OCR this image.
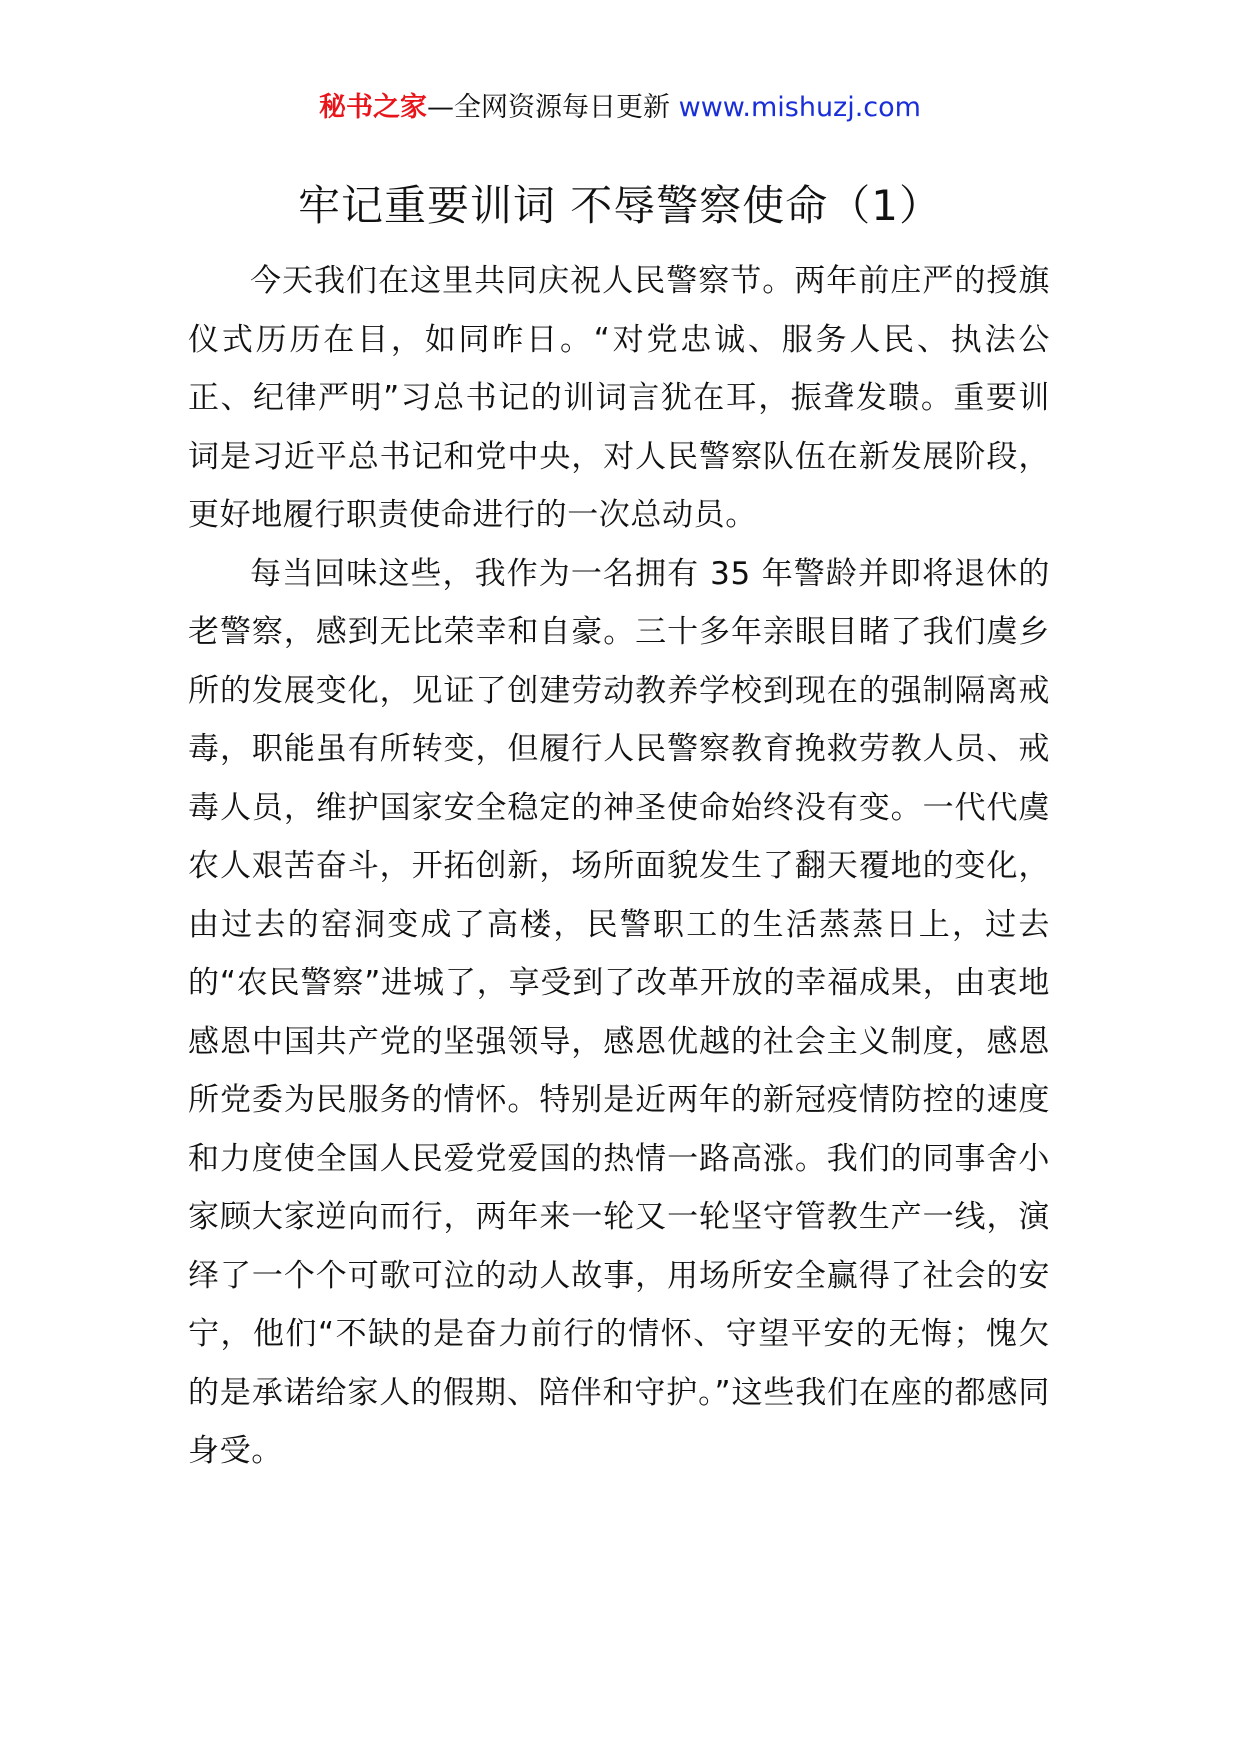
秘书之家—全网资源每日更新 www.mishuzj.com
牢记重要训词 不辱警察使命（1）

今天我们在这里共同庆祝人民警察节。两年前庄严的授旗仪式历历在目，如同昨日。“对党忠诚、服务人民、执法公正、纪律严明”习总书记的训词言犹在耳，振聋发聩。重要训词是习近平总书记和党中央，对人民警察队伍在新发展阶段，更好地履行职责使命进行的一次总动员。

每当回味这些，我作为一名拥有 35 年警龄并即将退休的老警察，感到无比荣幸和自豪。三十多年亲眼目睹了我们虞乡所的发展变化，见证了创建劳动教养学校到现在的强制隔离戒毒，职能虽有所转变，但履行人民警察教育挽救劳教人员、戒毒人员，维护国家安全稳定的神圣使命始终没有变。一代代虞农人艰苦奋斗，开拓创新，场所面貌发生了翻天覆地的变化，由过去的窑洞变成了高楼，民警职工的生活蒸蒸日上，过去的“农民警察”进城了，享受到了改革开放的幸福成果，由衷地感恩中国共产党的坚强领导，感恩优越的社会主义制度，感恩所党委为民服务的情怀。特别是近两年的新冠疫情防控的速度和力度使全国人民爱党爱国的热情一路高涨。我们的同事舍小家顾大家逆向而行，两年来一轮又一轮坚守管教生产一线，演绎了一个个可歌可泣的动人故事，用场所安全赢得了社会的安宁，他们“不缺的是奋力前行的情怀、守望平安的无悔；愧欠的是承诺给家人的假期、陪伴和守护。”这些我们在座的都感同身受。
